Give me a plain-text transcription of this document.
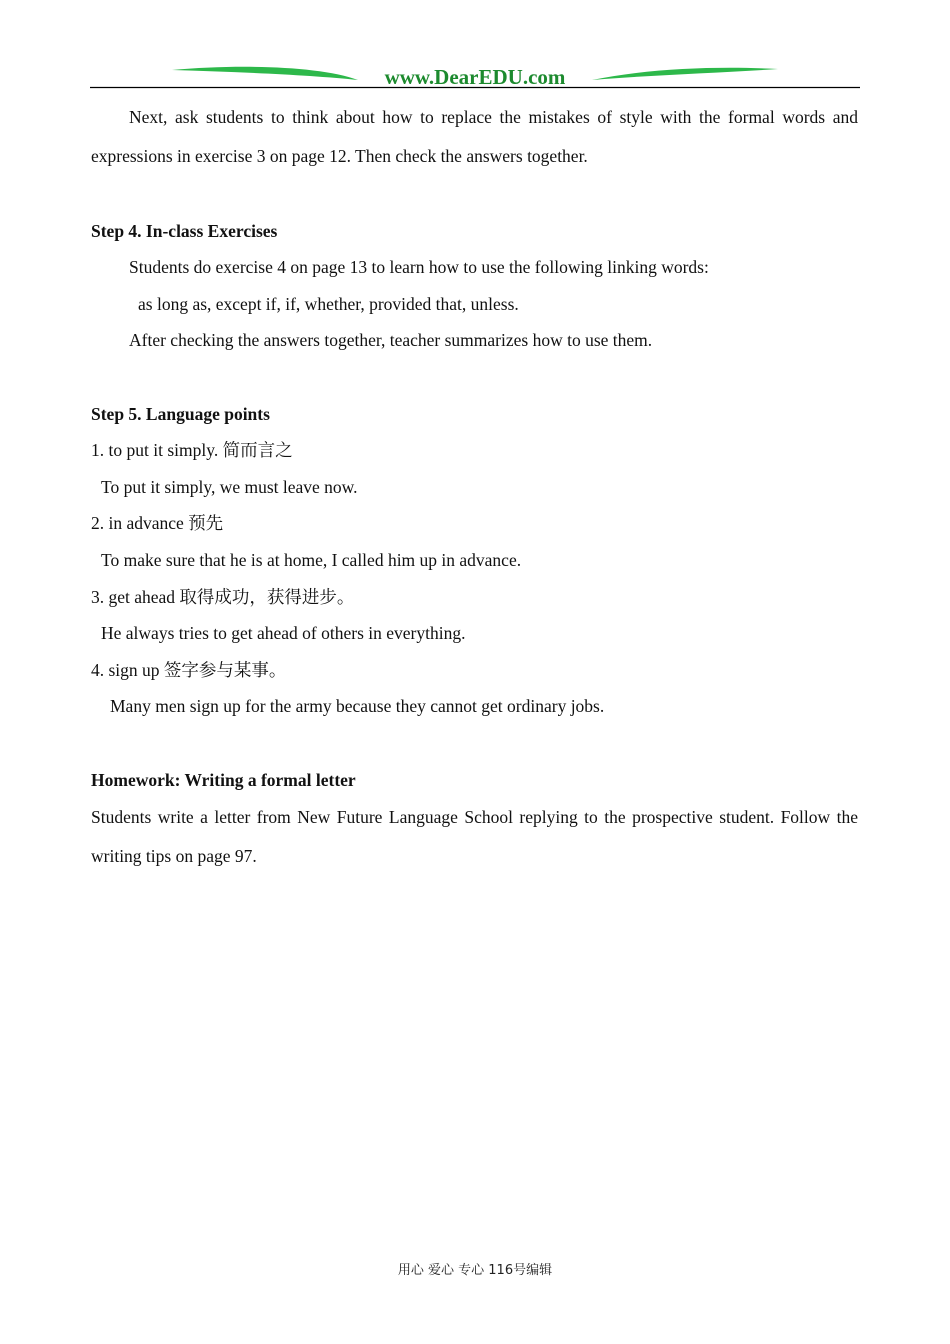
www.DearEDU.com

Next, ask students to think about how to replace the mistakes of style with the formal words and expressions in exercise 3 on page 12. Then check the answers together.

Step 4. In-class Exercises
Students do exercise 4 on page 13 to learn how to use the following linking words:
as long as, except if, if, whether, provided that, unless.
After checking the answers together, teacher summarizes how to use them.
Step 5. Language points
1. to put it simply. 简而言之
To put it simply, we must leave now.
2. in advance 预先
To make sure that he is at home, I called him up in advance.
3. get ahead 取得成功，获得进步。
He always tries to get ahead of others in everything.
4. sign up 签字参与某事。
Many men sign up for the army because they cannot get ordinary jobs.
Homework: Writing a formal letter

Students write a letter from New Future Language School replying to the prospective student. Follow the writing tips on page 97.

用心 爱心 专心 116号编辑
